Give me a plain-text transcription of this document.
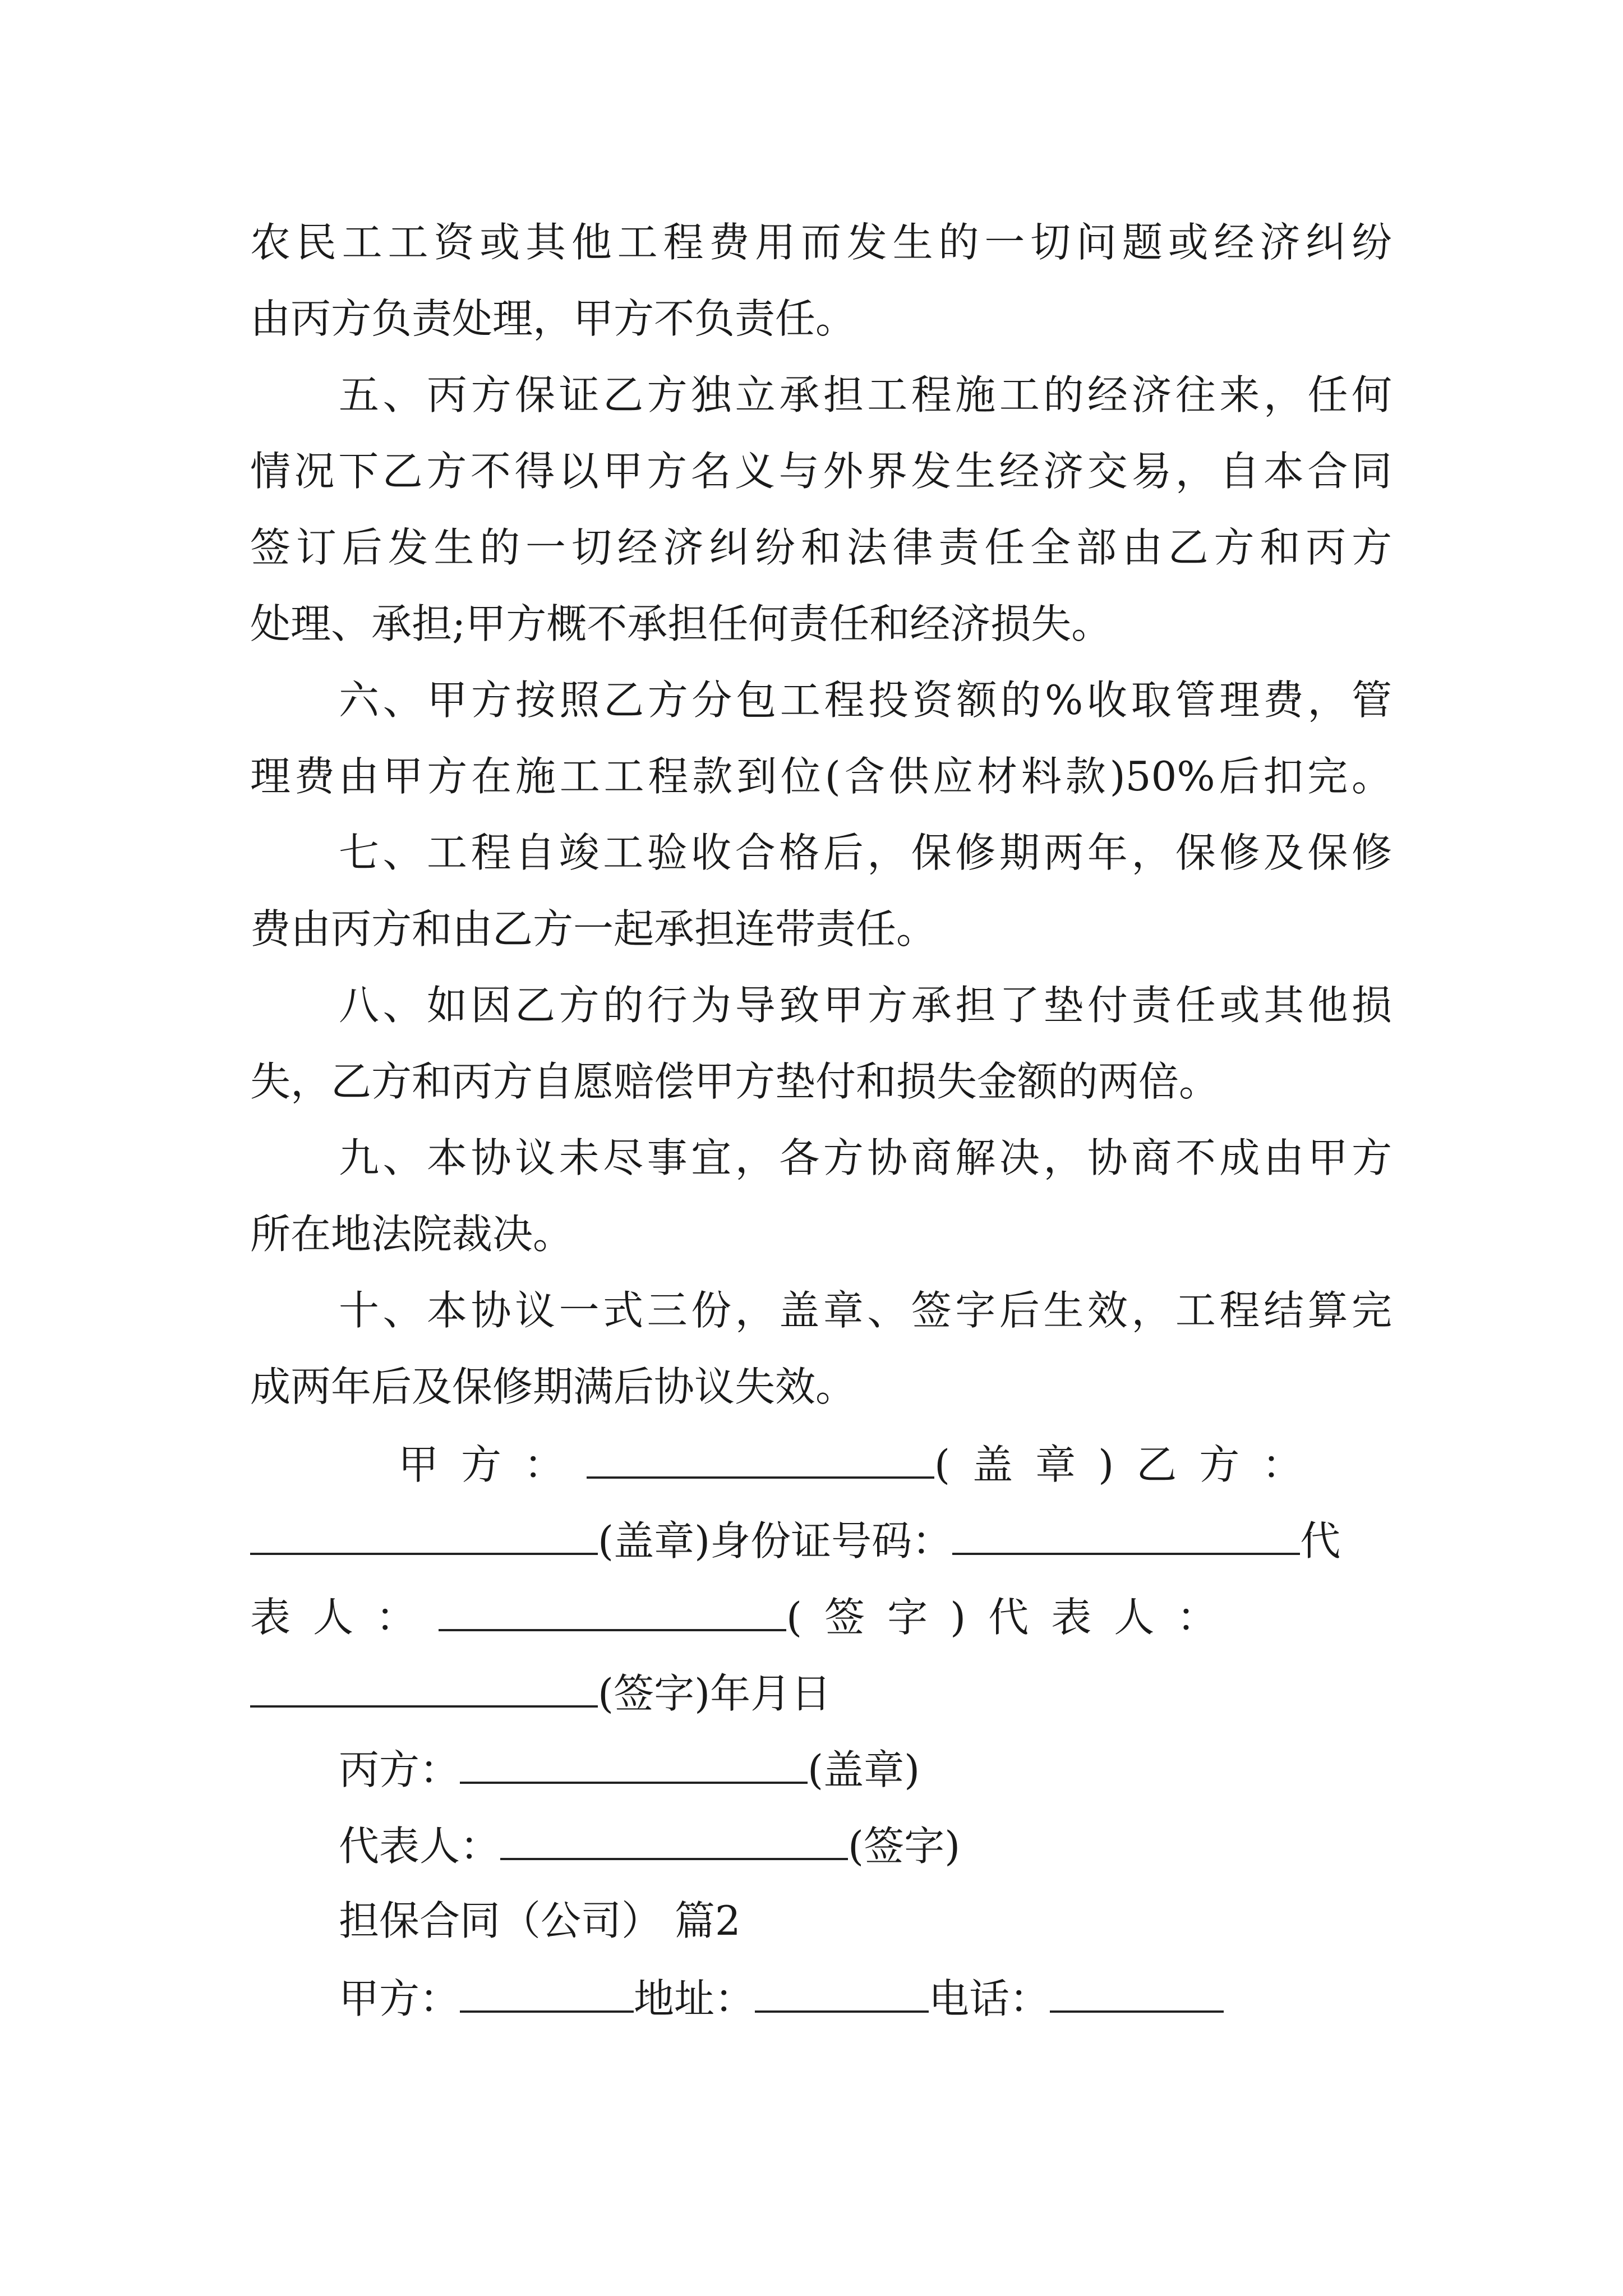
农民工工资或其他工程费用而发生的一切问题或经济纠纷
由丙方负责处理，甲方不负责任。
五、丙方保证乙方独立承担工程施工的经济往来，任何
情况下乙方不得以甲方名义与外界发生经济交易，自本合同
签订后发生的一切经济纠纷和法律责任全部由乙方和丙方
处理、承担;甲方概不承担任何责任和经济损失。
六、甲方按照乙方分包工程投资额的%收取管理费，管
理费由甲方在施工工程款到位(含供应材料款)50%后扣完。
七、工程自竣工验收合格后，保修期两年，保修及保修
费由丙方和由乙方一起承担连带责任。
八、如因乙方的行为导致甲方承担了垫付责任或其他损
失，乙方和丙方自愿赔偿甲方垫付和损失金额的两倍。
九、本协议未尽事宜，各方协商解决，协商不成由甲方
所在地法院裁决。
十、本协议一式三份，盖章、签字后生效，工程结算完
成两年后及保修期满后协议失效。
甲方：	(盖章)乙方：
(盖章)身份证号码：	代
表人：	(签字)代表人：
(签字)年月日
丙方：	(盖章)
代表人：	(签字)
担保合同（公司） 篇2
甲方：	地址：	电话：
